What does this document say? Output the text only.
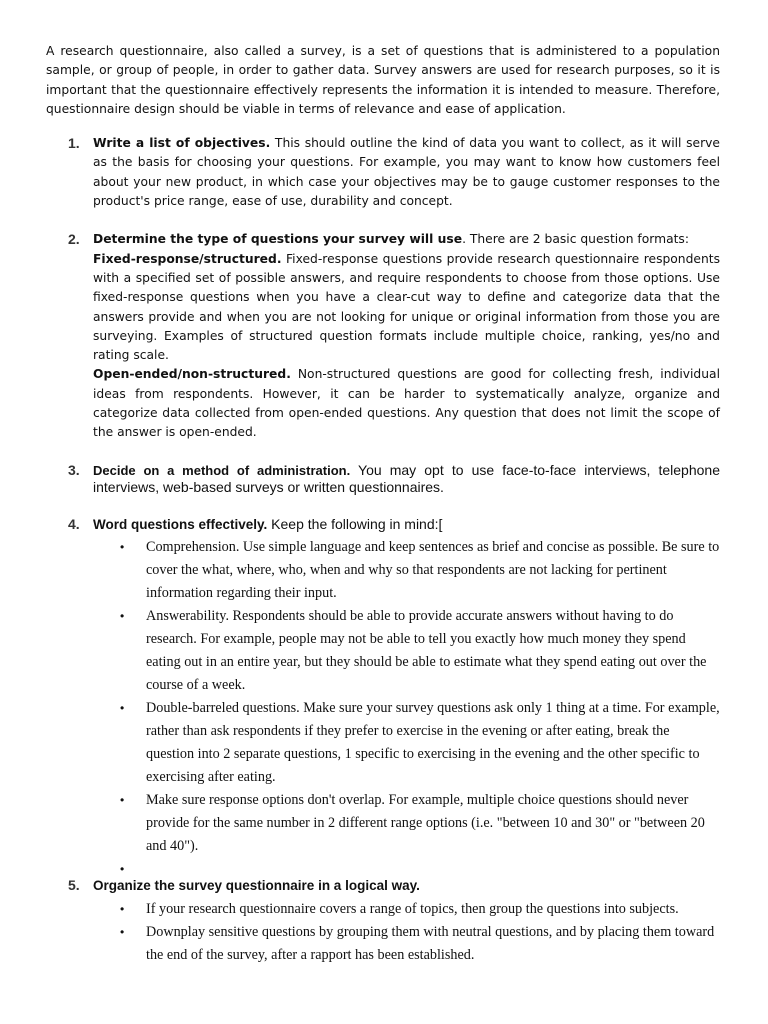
A research questionnaire, also called a survey, is a set of questions that is administered to a population sample, or group of people, in order to gather data. Survey answers are used for research purposes, so it is important that the questionnaire effectively represents the information it is intended to measure. Therefore, questionnaire design should be viable in terms of relevance and ease of application.

1. Write a list of objectives. This should outline the kind of data you want to collect, as it will serve as the basis for choosing your questions. For example, you may want to know how customers feel about your new product, in which case your objectives may be to gauge customer responses to the product's price range, ease of use, durability and concept.
2. Determine the type of questions your survey will use. There are 2 basic question formats:
Fixed-response/structured. Fixed-response questions provide research questionnaire respondents with a specified set of possible answers, and require respondents to choose from those options. Use fixed-response questions when you have a clear-cut way to define and categorize data that the answers provide and when you are not looking for unique or original information from those you are surveying. Examples of structured question formats include multiple choice, ranking, yes/no and rating scale.
Open-ended/non-structured. Non-structured questions are good for collecting fresh, individual ideas from respondents. However, it can be harder to systematically analyze, organize and categorize data collected from open-ended questions. Any question that does not limit the scope of the answer is open-ended.
3. Decide on a method of administration. You may opt to use face-to-face interviews, telephone interviews, web-based surveys or written questionnaires.
4. Word questions effectively. Keep the following in mind:[
• Comprehension. Use simple language and keep sentences as brief and concise as possible. Be sure to cover the what, where, who, when and why so that respondents are not lacking for pertinent information regarding their input.
• Answerability. Respondents should be able to provide accurate answers without having to do research. For example, people may not be able to tell you exactly how much money they spend eating out in an entire year, but they should be able to estimate what they spend eating out over the course of a week.
• Double-barreled questions. Make sure your survey questions ask only 1 thing at a time. For example, rather than ask respondents if they prefer to exercise in the evening or after eating, break the question into 2 separate questions, 1 specific to exercising in the evening and the other specific to exercising after eating.
• Make sure response options don't overlap. For example, multiple choice questions should never provide for the same number in 2 different range options (i.e. "between 10 and 30" or "between 20 and 40").
•
5. Organize the survey questionnaire in a logical way.
• If your research questionnaire covers a range of topics, then group the questions into subjects.
• Downplay sensitive questions by grouping them with neutral questions, and by placing them toward the end of the survey, after a rapport has been established.
